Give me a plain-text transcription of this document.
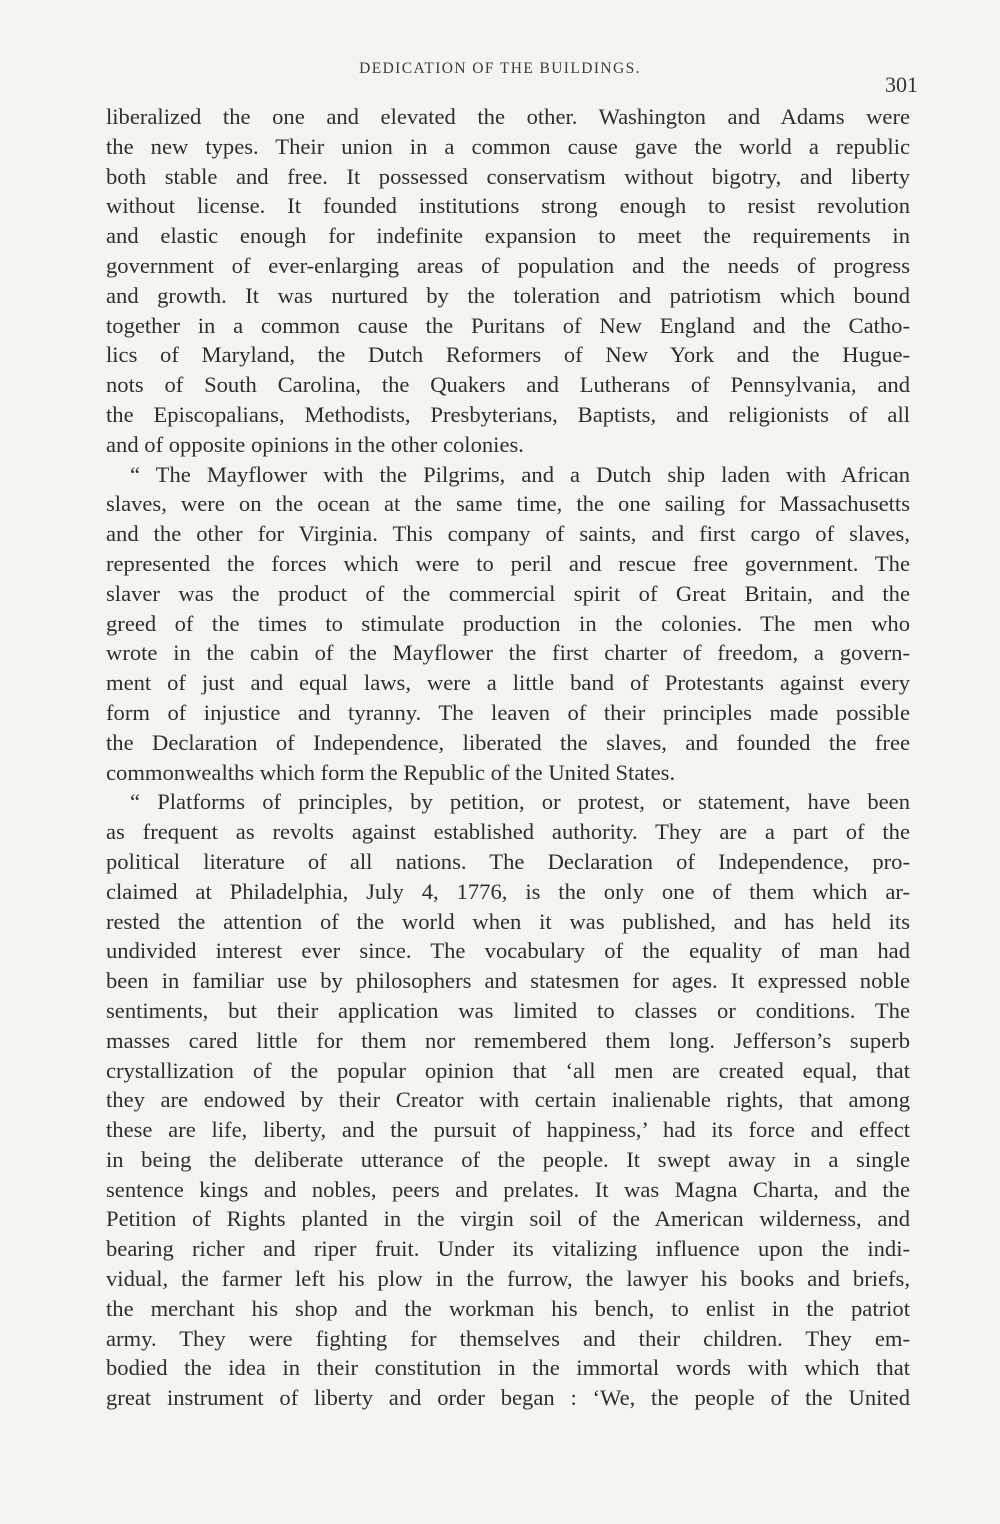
DEDICATION OF THE BUILDINGS.
301
liberalized the one and elevated the other. Washington and Adams were
the new types. Their union in a common cause gave the world a republic
both stable and free. It possessed conservatism without bigotry, and liberty
without license. It founded institutions strong enough to resist revolution
and elastic enough for indefinite expansion to meet the requirements in
government of ever-enlarging areas of population and the needs of progress
and growth. It was nurtured by the toleration and patriotism which bound
together in a common cause the Puritans of New England and the Catho-
lics of Maryland, the Dutch Reformers of New York and the Hugue-
nots of South Carolina, the Quakers and Lutherans of Pennsylvania, and
the Episcopalians, Methodists, Presbyterians, Baptists, and religionists of all
and of opposite opinions in the other colonies.
“ The Mayflower with the Pilgrims, and a Dutch ship laden with African
slaves, were on the ocean at the same time, the one sailing for Massachusetts
and the other for Virginia. This company of saints, and first cargo of slaves,
represented the forces which were to peril and rescue free government. The
slaver was the product of the commercial spirit of Great Britain, and the
greed of the times to stimulate production in the colonies. The men who
wrote in the cabin of the Mayflower the first charter of freedom, a govern-
ment of just and equal laws, were a little band of Protestants against every
form of injustice and tyranny. The leaven of their principles made possible
the Declaration of Independence, liberated the slaves, and founded the free
commonwealths which form the Republic of the United States.
“ Platforms of principles, by petition, or protest, or statement, have been
as frequent as revolts against established authority. They are a part of the
political literature of all nations. The Declaration of Independence, pro-
claimed at Philadelphia, July 4, 1776, is the only one of them which ar-
rested the attention of the world when it was published, and has held its
undivided interest ever since. The vocabulary of the equality of man had
been in familiar use by philosophers and statesmen for ages. It expressed noble
sentiments, but their application was limited to classes or conditions. The
masses cared little for them nor remembered them long. Jefferson’s superb
crystallization of the popular opinion that ‘all men are created equal, that
they are endowed by their Creator with certain inalienable rights, that among
these are life, liberty, and the pursuit of happiness,’ had its force and effect
in being the deliberate utterance of the people. It swept away in a single
sentence kings and nobles, peers and prelates. It was Magna Charta, and the
Petition of Rights planted in the virgin soil of the American wilderness, and
bearing richer and riper fruit. Under its vitalizing influence upon the indi-
vidual, the farmer left his plow in the furrow, the lawyer his books and briefs,
the merchant his shop and the workman his bench, to enlist in the patriot
army. They were fighting for themselves and their children. They em-
bodied the idea in their constitution in the immortal words with which that
great instrument of liberty and order began : ‘We, the people of the United
